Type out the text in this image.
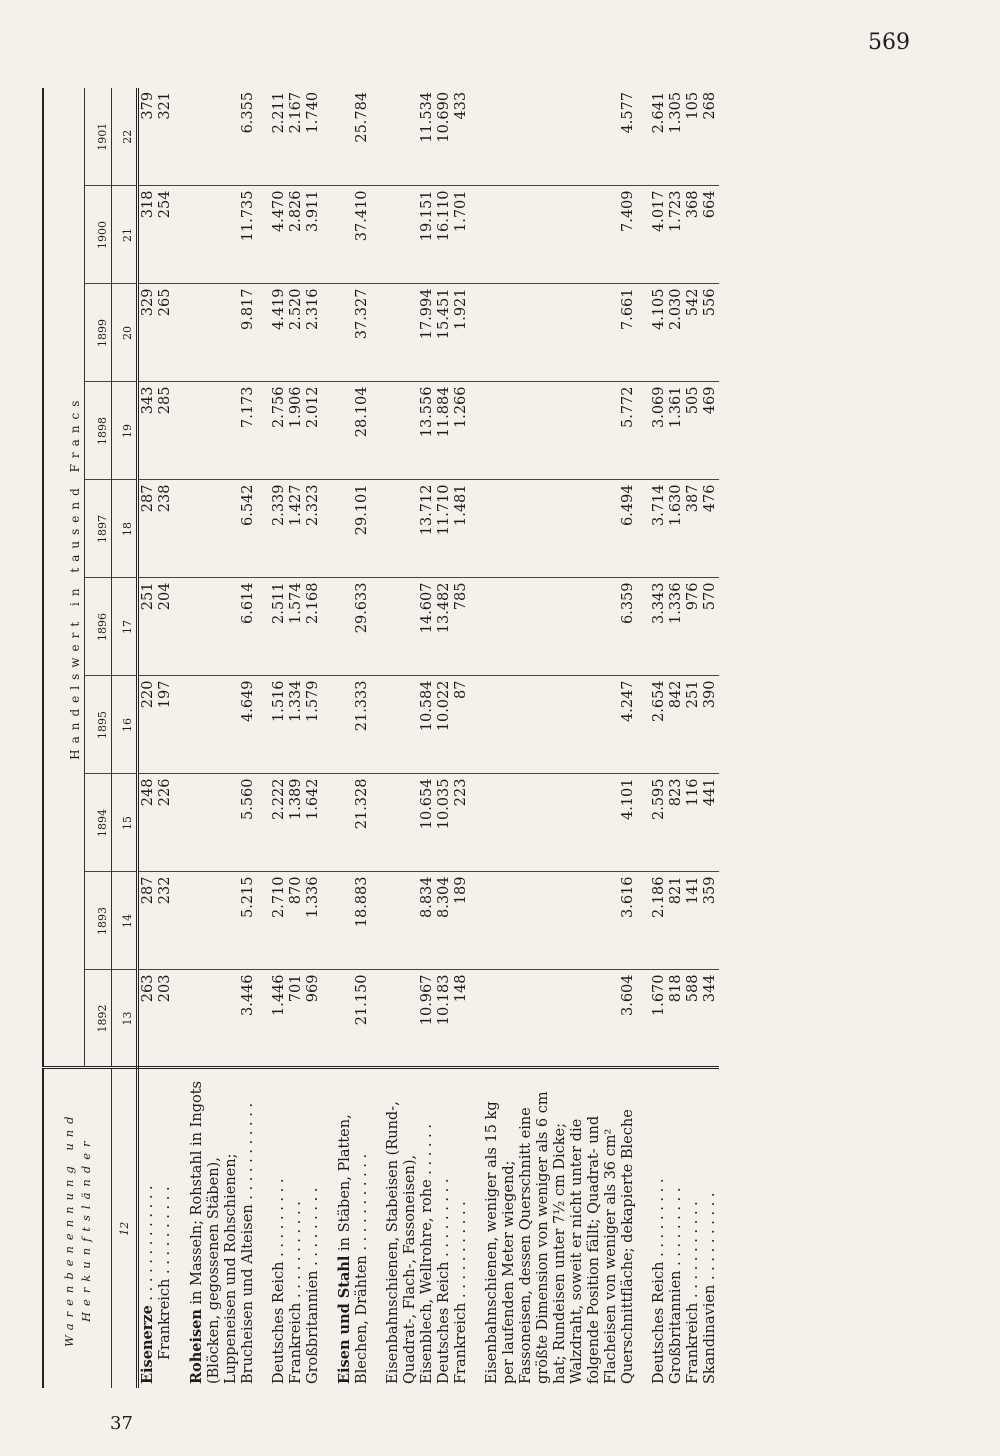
569
Warenbenennung und Herkunftsländer	Handelswert in tausend Francs									
	1892	1893	1894	1895	1896	1897	1898	1899	1900	1901
12	13	14	15	16	17	18	19	20	21	22
Eisenerze . . . . . . . . . . . . .	263	287	248	220	251	287	343	329	318	379
Frankreich . . . . . . . . . .	203	232	226	197	204	238	285	265	254	321

Roheisen in Masseln; Rohstahl in Ingots (Blöcken, gegossenen Stäben), Luppeneisen und Rohschienen; Brucheisen und Alteisen . . . . . . . . . . .	3.446	5.215	5.560	4.649	6.614	6.542	7.173	9.817	11.735	6.355

Deutsches Reich . . . . . . . . .	1.446	2.710	2.222	1.516	2.511	2.339	2.756	4.419	4.470	2.211
Frankreich . . . . . . . . . . .	701	870	1.389	1.334	1.574	1.427	1.906	2.520	2.826	2.167
Großbritannien . . . . . . . . .	969	1.336	1.642	1.579	2.168	2.323	2.012	2.316	3.911	1.740

Eisen und Stahl in Stäben, Platten, Blechen, Drähten . . . . . . . . . . .	21.150	18.883	21.328	21.333	29.633	29.101	28.104	37.327	37.410	25.784

Eisenbahnschienen, Stabeisen (Rund-, Quadrat-, Flach-, Fassoneisen), Eisenblech, Wellrohre, rohe . . . . . .	10.967	8.834	10.654	10.584	14.607	13.712	13.556	17.994	19.151	11.534
Deutsches Reich . . . . . . . . .	10.183	8.304	10.035	10.022	13.482	11.710	11.884	15.451	16.110	10.690
Frankreich . . . . . . . . . . .	148	189	223	87	785	1.481	1.266	1.921	1.701	433

Eisenbahnschienen, weniger als 15 kg per laufenden Meter wiegend; Fassoneisen, dessen Querschnitt eine größte Dimension von weniger als 6 cm hat; Rundeisen unter 7½ cm Dicke; Walzdraht, soweit er nicht unter die folgende Position fällt; Quadrat- und Flacheisen von weniger als 36 cm² Querschnittfläche; dekapierte Bleche	3.604	3.616	4.101	4.247	6.359	6.494	5.772	7.661	7.409	4.577

Deutsches Reich . . . . . . . . .	1.670	2.186	2.595	2.654	3.343	3.714	3.069	4.105	4.017	2.641
Großbritannien . . . . . . . . .	818	821	823	842	1.336	1.630	1.361	2.030	1.723	1.305
Frankreich . . . . . . . . . . .	588	141	116	251	976	387	505	542	368	105
Skandinavien . . . . . . . . . .	344	359	441	390	570	476	469	556	664	268
37
